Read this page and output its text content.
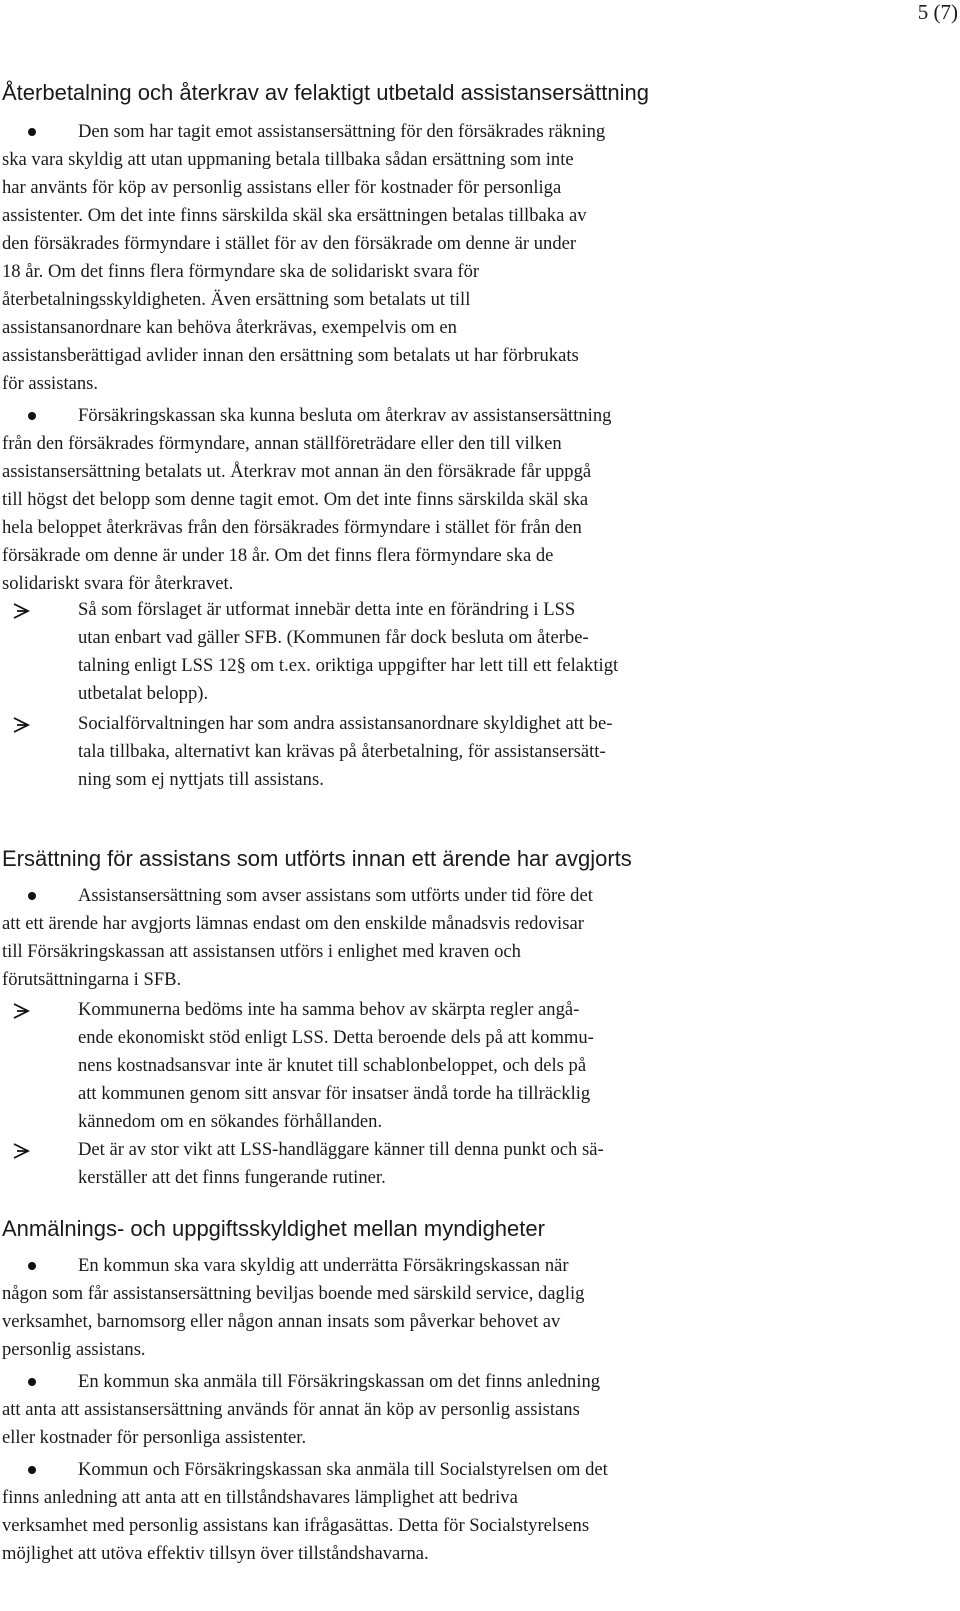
5 (7)
Återbetalning och återkrav av felaktigt utbetald assistansersättning
Den som har tagit emot assistansersättning för den försäkrades räkning
ska vara skyldig att utan uppmaning betala tillbaka sådan ersättning som inte
har använts för köp av personlig assistans eller för kostnader för personliga
assistenter. Om det inte finns särskilda skäl ska ersättningen betalas tillbaka av
den försäkrades förmyndare i stället för av den försäkrade om denne är under
18 år. Om det finns flera förmyndare ska de solidariskt svara för
återbetalningsskyldigheten. Även ersättning som betalats ut till
assistansanordnare kan behöva återkrävas, exempelvis om en
assistansberättigad avlider innan den ersättning som betalats ut har förbrukats
för assistans.
Försäkringskassan ska kunna besluta om återkrav av assistansersättning
från den försäkrades förmyndare, annan ställföreträdare eller den till vilken
assistansersättning betalats ut. Återkrav mot annan än den försäkrade får uppgå
till högst det belopp som denne tagit emot. Om det inte finns särskilda skäl ska
hela beloppet återkrävas från den försäkrades förmyndare i stället för från den
försäkrade om denne är under 18 år. Om det finns flera förmyndare ska de
solidariskt svara för återkravet.
Så som förslaget är utformat innebär detta inte en förändring i LSS
utan enbart vad gäller SFB. (Kommunen får dock besluta om återbe-
talning enligt LSS 12§ om t.ex. oriktiga uppgifter har lett till ett felaktigt
utbetalat belopp).
Socialförvaltningen har som andra assistansanordnare skyldighet att be-
tala tillbaka, alternativt kan krävas på återbetalning, för assistansersätt-
ning som ej nyttjats till assistans.
Ersättning för assistans som utförts innan ett ärende har avgjorts
Assistansersättning som avser assistans som utförts under tid före det
att ett ärende har avgjorts lämnas endast om den enskilde månadsvis redovisar
till Försäkringskassan att assistansen utförs i enlighet med kraven och
förutsättningarna i SFB.
Kommunerna bedöms inte ha samma behov av skärpta regler angå-
ende ekonomiskt stöd enligt LSS. Detta beroende dels på att kommu-
nens kostnadsansvar inte är knutet till schablonbeloppet, och dels på
att kommunen genom sitt ansvar för insatser ändå torde ha tillräcklig
kännedom om en sökandes förhållanden.
Det är av stor vikt att LSS-handläggare känner till denna punkt och sä-
kerställer att det finns fungerande rutiner.
Anmälnings- och uppgiftsskyldighet mellan myndigheter
En kommun ska vara skyldig att underrätta Försäkringskassan när
någon som får assistansersättning beviljas boende med särskild service, daglig
verksamhet, barnomsorg eller någon annan insats som påverkar behovet av
personlig assistans.
En kommun ska anmäla till Försäkringskassan om det finns anledning
att anta att assistansersättning används för annat än köp av personlig assistans
eller kostnader för personliga assistenter.
Kommun och Försäkringskassan ska anmäla till Socialstyrelsen om det
finns anledning att anta att en tillståndshavares lämplighet att bedriva
verksamhet med personlig assistans kan ifrågasättas. Detta för Socialstyrelsens
möjlighet att utöva effektiv tillsyn över tillståndshavarna.
